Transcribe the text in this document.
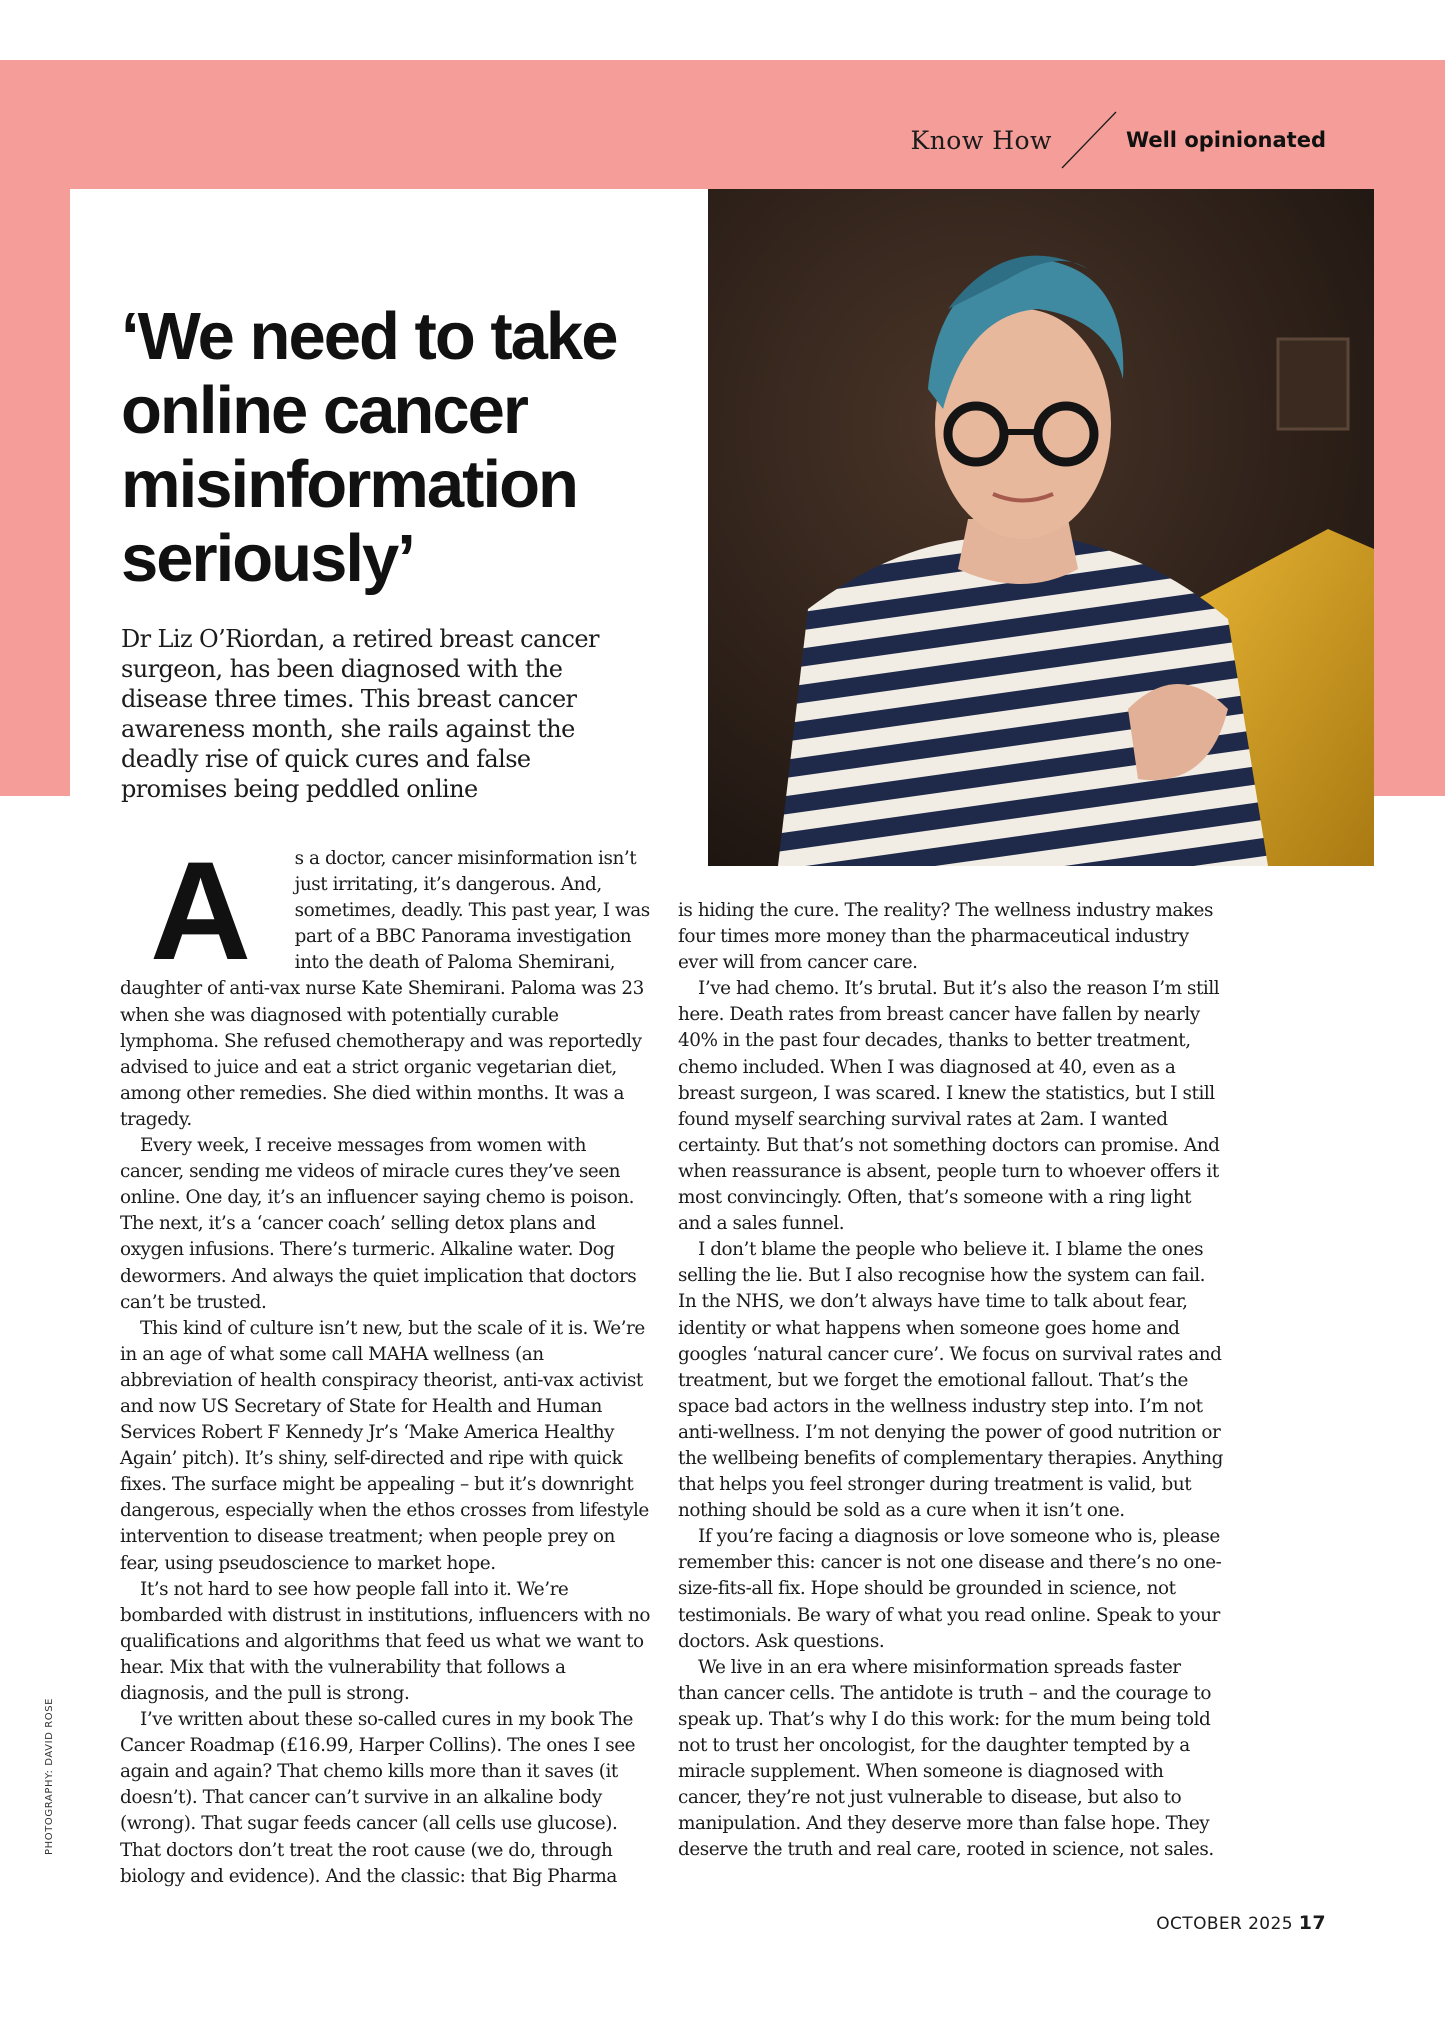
Know How	Well opinionated
‘We need to take online cancer misinformation seriously’

Dr Liz O’Riordan, a retired breast cancer surgeon, has been diagnosed with the disease three times. This breast cancer awareness month, she rails against the deadly rise of quick cures and false promises being peddled online

A	s a doctor, cancer misinformation isn’t just irritating, it’s dangerous. And, sometimes, deadly. This past year, I was part of a BBC Panorama investigation into the death of Paloma Shemirani, daughter of anti-vax nurse Kate Shemirani. Paloma was 23 when she was diagnosed with potentially curable lymphoma. She refused chemotherapy and was reportedly advised to juice and eat a strict organic vegetarian diet, among other remedies. She died within months. It was a tragedy.

Every week, I receive messages from women with cancer, sending me videos of miracle cures they’ve seen online. One day, it’s an influencer saying chemo is poison. The next, it’s a ‘cancer coach’ selling detox plans and oxygen infusions. There’s turmeric. Alkaline water. Dog dewormers. And always the quiet implication that doctors can’t be trusted.

This kind of culture isn’t new, but the scale of it is. We’re in an age of what some call MAHA wellness (an abbreviation of health conspiracy theorist, anti-vax activist and now US Secretary of State for Health and Human Services Robert F Kennedy Jr’s ‘Make America Healthy Again’ pitch). It’s shiny, self-directed and ripe with quick fixes. The surface might be appealing – but it’s downright dangerous, especially when the ethos crosses from lifestyle intervention to disease treatment; when people prey on fear, using pseudoscience to market hope.

It’s not hard to see how people fall into it. We’re bombarded with distrust in institutions, influencers with no qualifications and algorithms that feed us what we want to hear. Mix that with the vulnerability that follows a diagnosis, and the pull is strong.

I’ve written about these so-called cures in my book The Cancer Roadmap (£16.99, Harper Collins). The ones I see again and again? That chemo kills more than it saves (it doesn’t). That cancer can’t survive in an alkaline body (wrong). That sugar feeds cancer (all cells use glucose). That doctors don’t treat the root cause (we do, through biology and evidence). And the classic: that Big Pharma

is hiding the cure. The reality? The wellness industry makes four times more money than the pharmaceutical industry ever will from cancer care.

I’ve had chemo. It’s brutal. But it’s also the reason I’m still here. Death rates from breast cancer have fallen by nearly 40% in the past four decades, thanks to better treatment, chemo included. When I was diagnosed at 40, even as a breast surgeon, I was scared. I knew the statistics, but I still found myself searching survival rates at 2am. I wanted certainty. But that’s not something doctors can promise. And when reassurance is absent, people turn to whoever offers it most convincingly. Often, that’s someone with a ring light and a sales funnel.

I don’t blame the people who believe it. I blame the ones selling the lie. But I also recognise how the system can fail. In the NHS, we don’t always have time to talk about fear, identity or what happens when someone goes home and googles ‘natural cancer cure’. We focus on survival rates and treatment, but we forget the emotional fallout. That’s the space bad actors in the wellness industry step into. I’m not anti-wellness. I’m not denying the power of good nutrition or the wellbeing benefits of complementary therapies. Anything that helps you feel stronger during treatment is valid, but nothing should be sold as a cure when it isn’t one.

If you’re facing a diagnosis or love someone who is, please remember this: cancer is not one disease and there’s no one-size-fits-all fix. Hope should be grounded in science, not testimonials. Be wary of what you read online. Speak to your doctors. Ask questions.

We live in an era where misinformation spreads faster than cancer cells. The antidote is truth – and the courage to speak up. That’s why I do this work: for the mum being told not to trust her oncologist, for the daughter tempted by a miracle supplement. When someone is diagnosed with cancer, they’re not just vulnerable to disease, but also to manipulation. And they deserve more than false hope. They deserve the truth and real care, rooted in science, not sales.

PHOTOGRAPHY: DAVID ROSE
OCTOBER 2025 17
